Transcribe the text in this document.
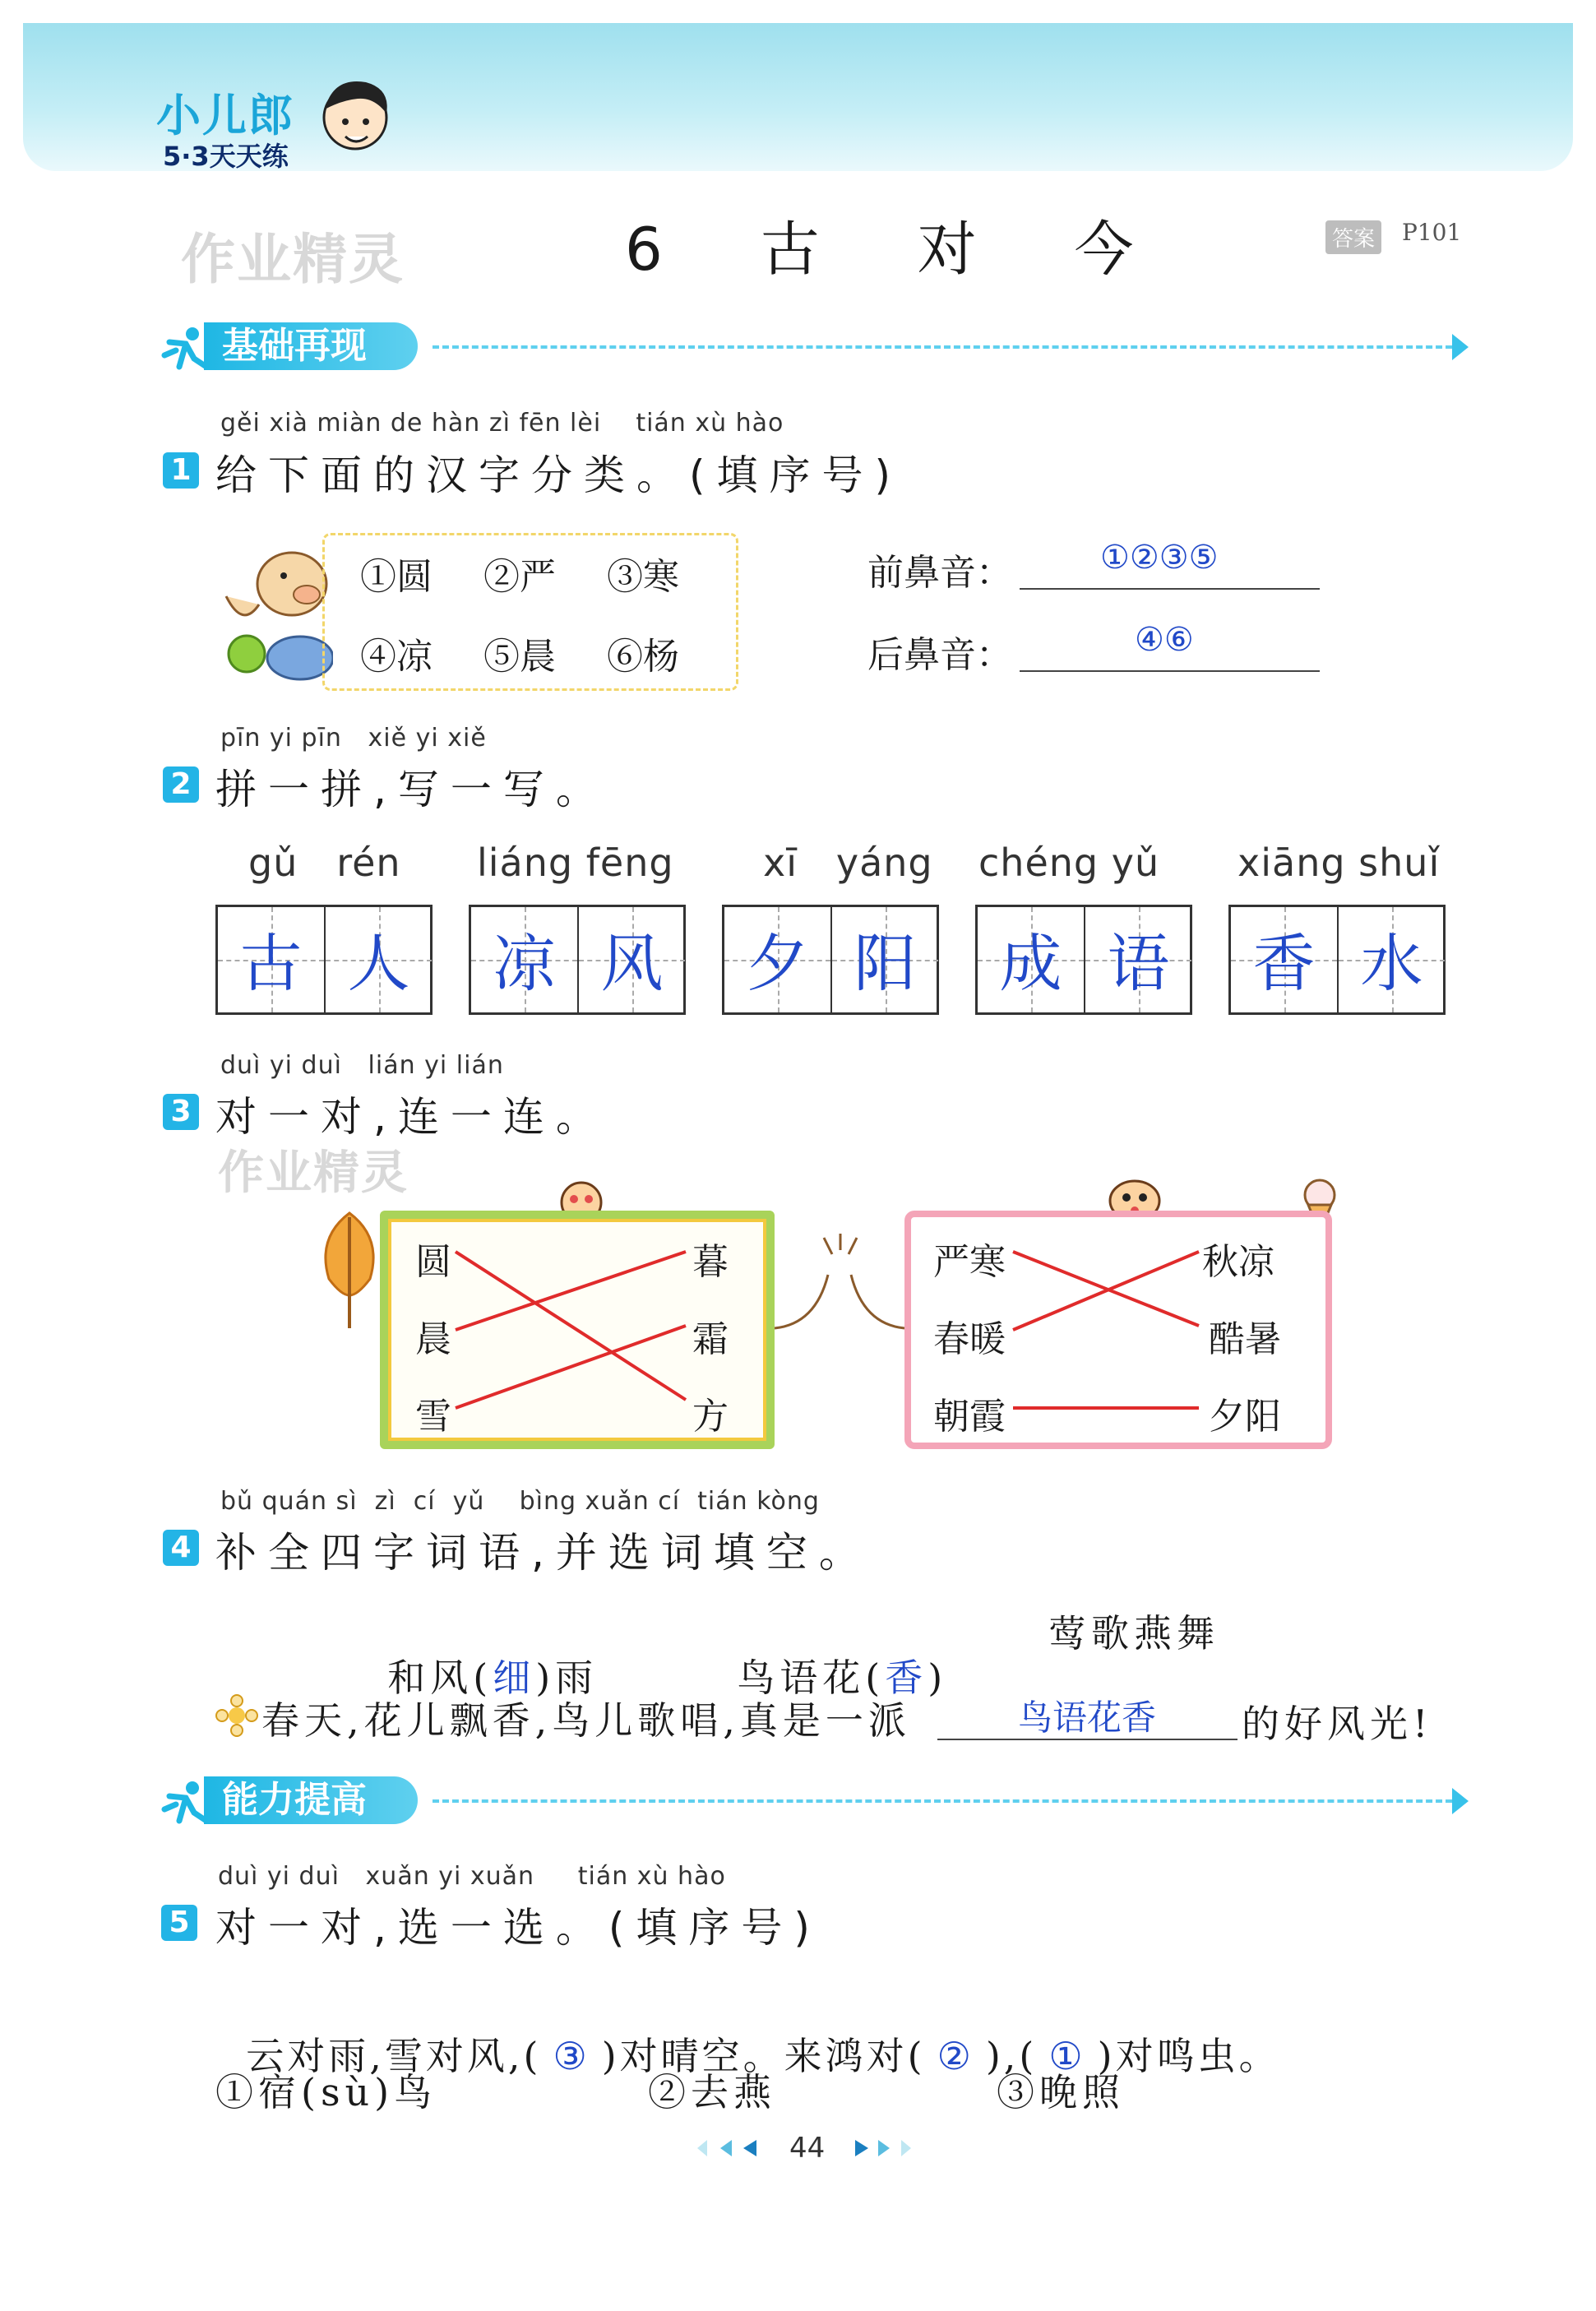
小儿郎
5·3天天练
作业精灵	6 古 对 今	答案 P101
基础再现
gěi xià miàn de hàn zì fēn lèi    tián xù hào
1 给下面的汉字分类。(填序号)
①圆 ②严 ③寒
④凉 ⑤晨 ⑥杨
前鼻音：	①②③⑤
后鼻音：	④⑥
pīn yi pīn   xiě yi xiě
2 拼一拼,写一写。
gǔ   rén liáng fēng xī   yáng chéng yǔ xiāng shuǐ
古 人	凉 风	夕 阳	成 语	香 水
duì yi duì   lián yi lián
3 对一对,连一连。
作业精灵
圆
晨
雪
暮
霜
方
严寒
春暖
朝霞
秋凉
酷暑
夕阳
bǔ quán sì  zì  cí  yǔ    bìng xuǎn cí  tián kòng
4 补全四字词语,并选词填空。

和风(细)雨	鸟语花(香)

莺歌燕舞
春天,花儿飘香,鸟儿歌唱,真是一派	鸟语花香 的好风光!
能力提高
duì yi duì   xuǎn yi xuǎn     tián xù hào
5 对一对,选一选。(填序号)

云对雨,雪对风,( ③ )对晴空。来鸿对( ② ),( ① )对鸣虫。

①宿(sù)鸟	②去燕	③晚照
44
